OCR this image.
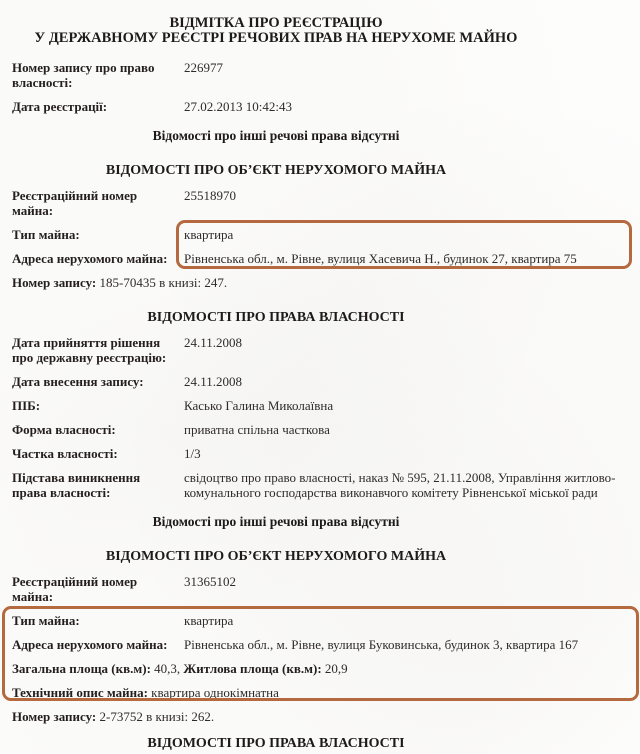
ВІДМІТКА ПРО РЕЄСТРАЦІЮ
У ДЕРЖАВНОМУ РЕЄСТРІ РЕЧОВИХ ПРАВ НА НЕРУХОМЕ МАЙНО
Номер запису про право власності:
226977
Дата реєстрації:	27.02.2013 10:42:43
Відомості про інші речові права відсутні
ВІДОМОСТІ ПРО ОБ’ЄКТ НЕРУХОМОГО МАЙНА
Реєстраційний номер майна:
25518970
Тип майна:	квартира
Адреса нерухомого майна:	Рівненська обл., м. Рівне, вулиця Хасевича Н., будинок 27, квартира 75
Номер запису: 185-70435 в книзі: 247.
ВІДОМОСТІ ПРО ПРАВА ВЛАСНОСТІ
Дата прийняття рішення про державну реєстрацію:
24.11.2008
Дата внесення запису:	24.11.2008
ПІБ:	Касько Галина Миколаївна
Форма власності:	приватна спільна часткова
Частка власності:	1/3
Підстава виникнення права власності:
свідоцтво про право власності, наказ № 595, 21.11.2008, Управління житлово-комунального господарства виконавчого комітету Рівненської міської ради
Відомості про інші речові права відсутні
ВІДОМОСТІ ПРО ОБ’ЄКТ НЕРУХОМОГО МАЙНА
Реєстраційний номер майна:
31365102
Тип майна:	квартира
Адреса нерухомого майна:	Рівненська обл., м. Рівне, вулиця Буковинська, будинок 3, квартира 167
Загальна площа (кв.м): 40,3, Житлова площа (кв.м): 20,9
Технічний опис майна: квартира однокімнатна
Номер запису: 2-73752 в книзі: 262.
ВІДОМОСТІ ПРО ПРАВА ВЛАСНОСТІ
